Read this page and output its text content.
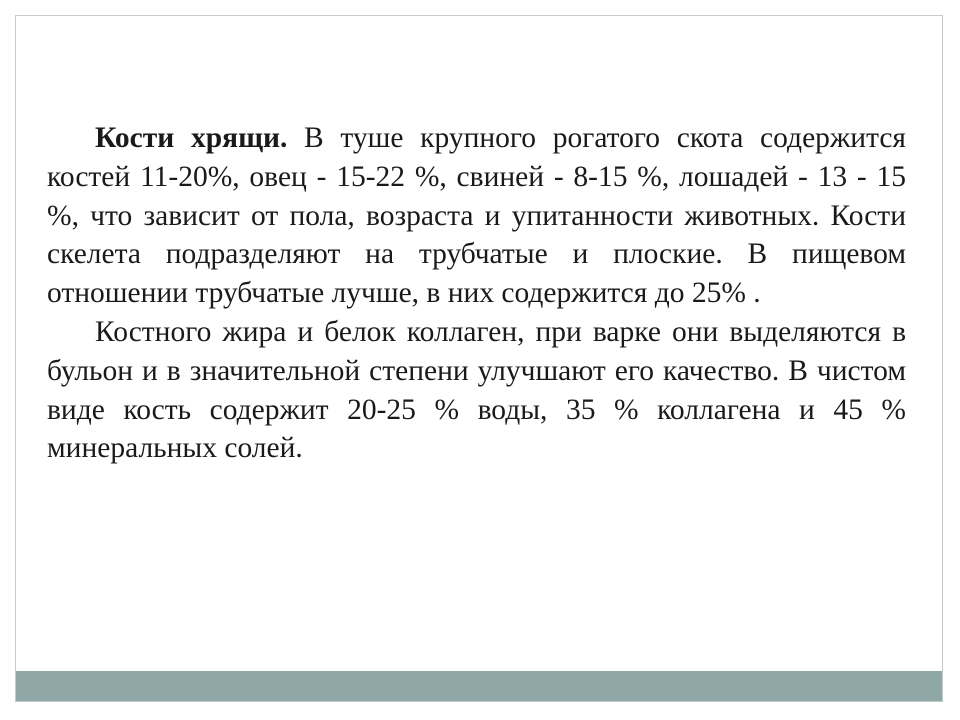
Кости хрящи. В туше крупного рогатого скота содержится костей 11-20%, овец - 15-22 %, свиней - 8-15 %, лошадей - 13 - 15 %, что зависит от пола, возраста и упитанности животных. Кости скелета подразделяют на трубчатые и плоские. В пищевом отношении трубчатые лучше, в них содержится до 25% .

Костного жира и белок коллаген, при варке они выделяются в бульон и в значительной степени улучшают его качество. В чистом виде кость содержит 20-25 % воды, 35 % коллагена и 45 % минеральных солей.
